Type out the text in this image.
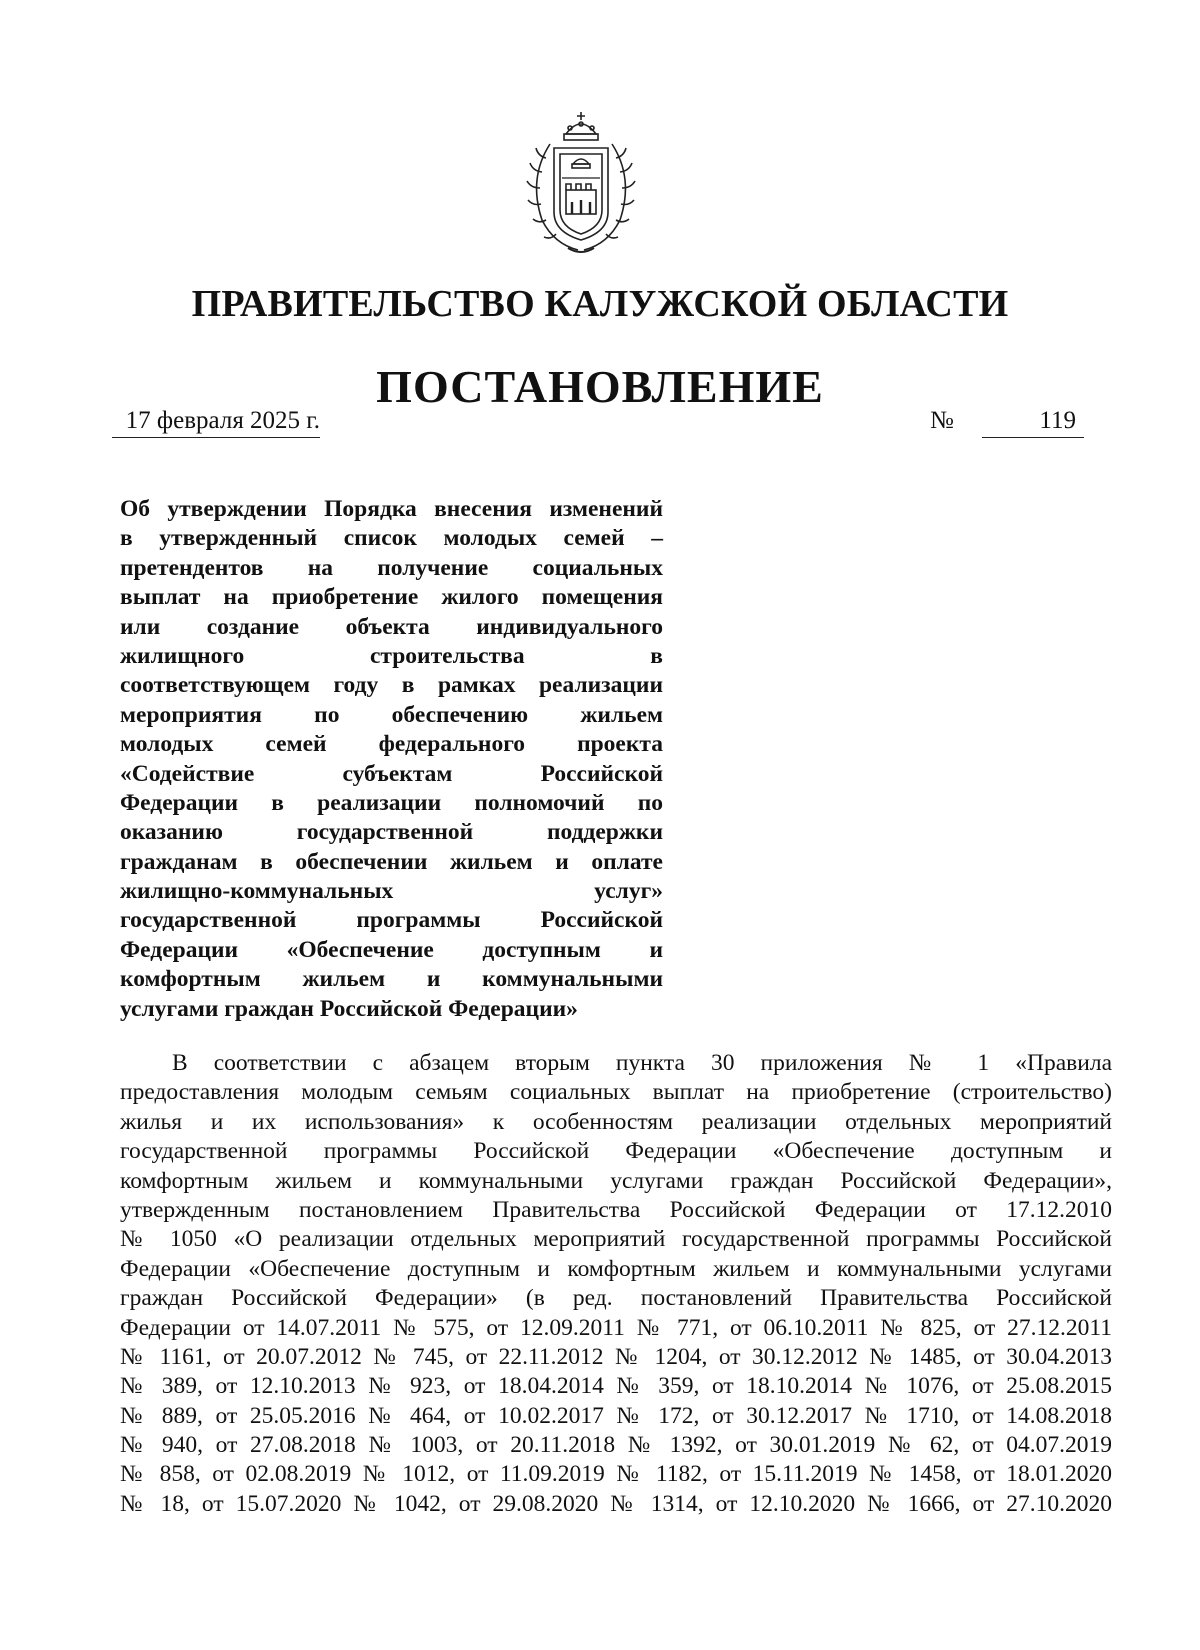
ПРАВИТЕЛЬСТВО КАЛУЖСКОЙ ОБЛАСТИ
ПОСТАНОВЛЕНИЕ
17 февраля 2025 г.	№	119
Об утверждении Порядка внесения изменений
в утвержденный список молодых семей –
претендентов на получение социальных
выплат на приобретение жилого помещения
или создание объекта индивидуального
жилищного строительства в
соответствующем году в рамках реализации
мероприятия по обеспечению жильем
молодых семей федерального проекта
«Содействие субъектам Российской
Федерации в реализации полномочий по
оказанию государственной поддержки
гражданам в обеспечении жильем и оплате
жилищно-коммунальных услуг»
государственной программы Российской
Федерации «Обеспечение доступным и
комфортным жильем и коммунальными
услугами граждан Российской Федерации»
В соответствии с абзацем вторым пункта 30 приложения № 1 «Правила
предоставления молодым семьям социальных выплат на приобретение (строительство)
жилья и их использования» к особенностям реализации отдельных мероприятий
государственной программы Российской Федерации «Обеспечение доступным и
комфортным жильем и коммунальными услугами граждан Российской Федерации»,
утвержденным постановлением Правительства Российской Федерации от 17.12.2010
№ 1050 «О реализации отдельных мероприятий государственной программы Российской
Федерации «Обеспечение доступным и комфортным жильем и коммунальными услугами
граждан Российской Федерации» (в ред. постановлений Правительства Российской
Федерации от 14.07.2011 № 575, от 12.09.2011 № 771, от 06.10.2011 № 825, от 27.12.2011
№ 1161, от 20.07.2012 № 745, от 22.11.2012 № 1204, от 30.12.2012 № 1485, от 30.04.2013
№ 389, от 12.10.2013 № 923, от 18.04.2014 № 359, от 18.10.2014 № 1076, от 25.08.2015
№ 889, от 25.05.2016 № 464, от 10.02.2017 № 172, от 30.12.2017 № 1710, от 14.08.2018
№ 940, от 27.08.2018 № 1003, от 20.11.2018 № 1392, от 30.01.2019 № 62, от 04.07.2019
№ 858, от 02.08.2019 № 1012, от 11.09.2019 № 1182, от 15.11.2019 № 1458, от 18.01.2020
№ 18, от 15.07.2020 № 1042, от 29.08.2020 № 1314, от 12.10.2020 № 1666, от 27.10.2020
